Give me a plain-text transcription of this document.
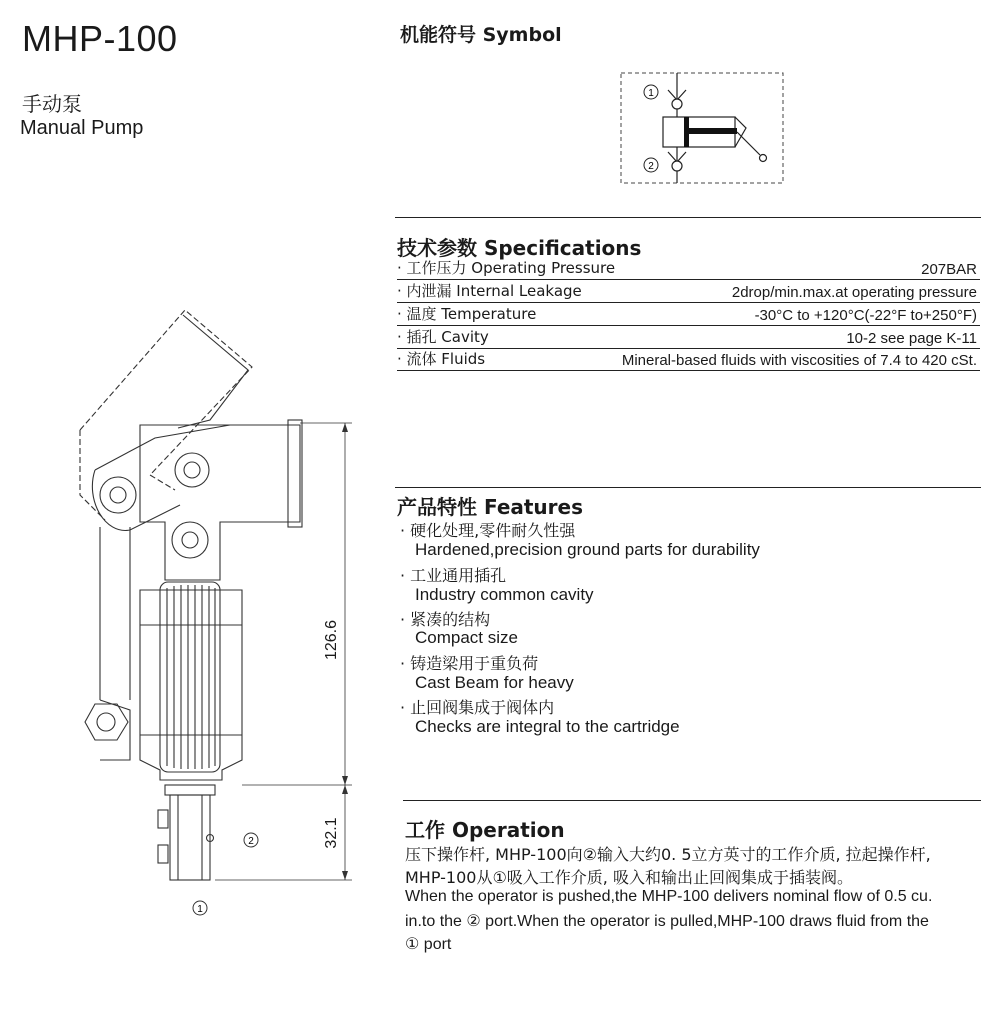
MHP-100
手动泵
Manual Pump
机能符号 Symbol
1
2
技术参数 Specifications
· 工作压力 Operating Pressure	207BAR
· 内泄漏 Internal Leakage	2drop/min.max.at operating pressure
· 温度 Temperature	-30°C to +120°C(-22°F to+250°F)
· 插孔 Cavity	10-2 see page K-11
· 流体 Fluids	Mineral-based fluids with viscosities of 7.4 to 420 cSt.
产品特性 Features
· 硬化处理,零件耐久性强
Hardened,precision ground parts for durability
· 工业通用插孔
Industry common cavity
· 紧凑的结构
Compact size
· 铸造梁用于重负荷
Cast Beam for heavy
· 止回阀集成于阀体内
Checks are integral to the cartridge
工作 Operation
压下操作杆, MHP-100向②输入大约0. 5立方英寸的工作介质, 拉起操作杆,
MHP-100从①吸入工作介质, 吸入和输出止回阀集成于插装阀。
When the operator is pushed,the MHP-100 delivers nominal flow of 0.5 cu.
in.to the ② port.When the operator is pulled,MHP-100 draws fluid from the
① port
126.6
32.1
2
1
